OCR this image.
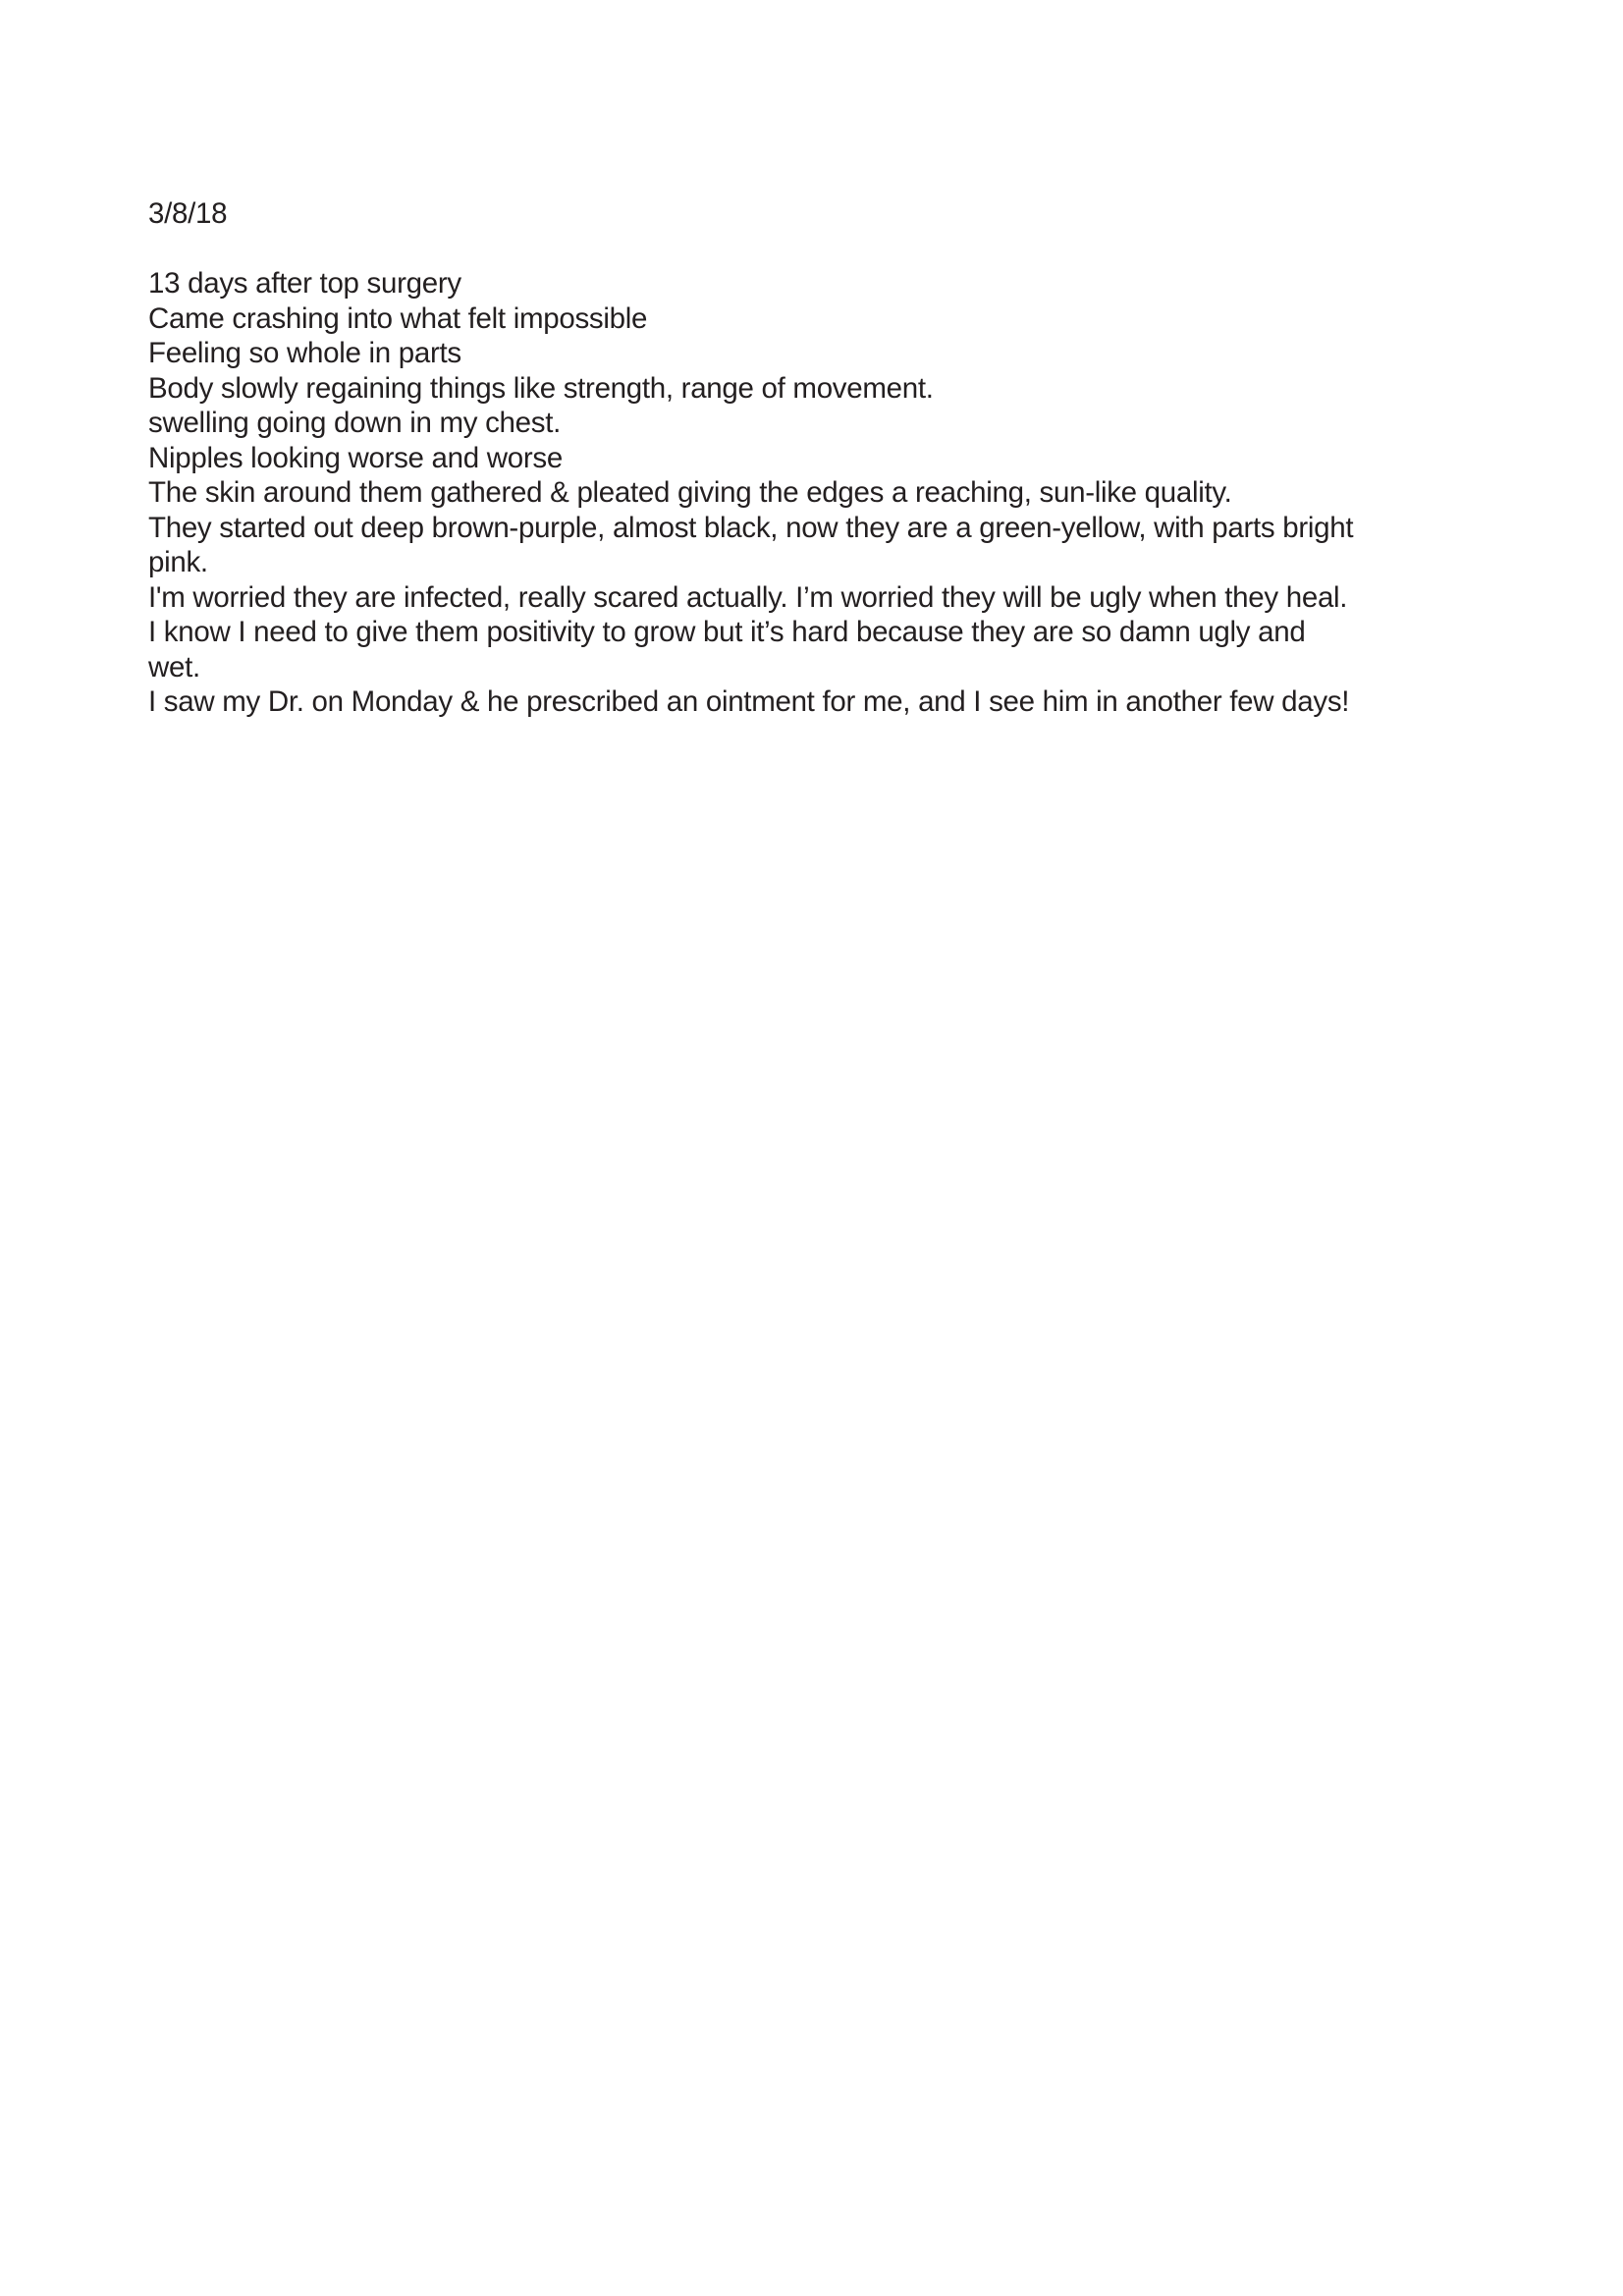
3/8/18
13 days after top surgery
Came crashing into what felt impossible
Feeling so whole in parts
Body slowly regaining things like strength, range of movement.
swelling going down in my chest.
Nipples looking worse and worse
The skin around them gathered & pleated giving the edges a reaching, sun-like quality.
They started out deep brown-purple, almost black, now they are a green-yellow, with parts bright
pink.
I'm worried they are infected, really scared actually. I’m worried they will be ugly when they heal.
I know I need to give them positivity to grow but it’s hard because they are so damn ugly and
wet.
I saw my Dr. on Monday & he prescribed an ointment for me, and I see him in another few days!
